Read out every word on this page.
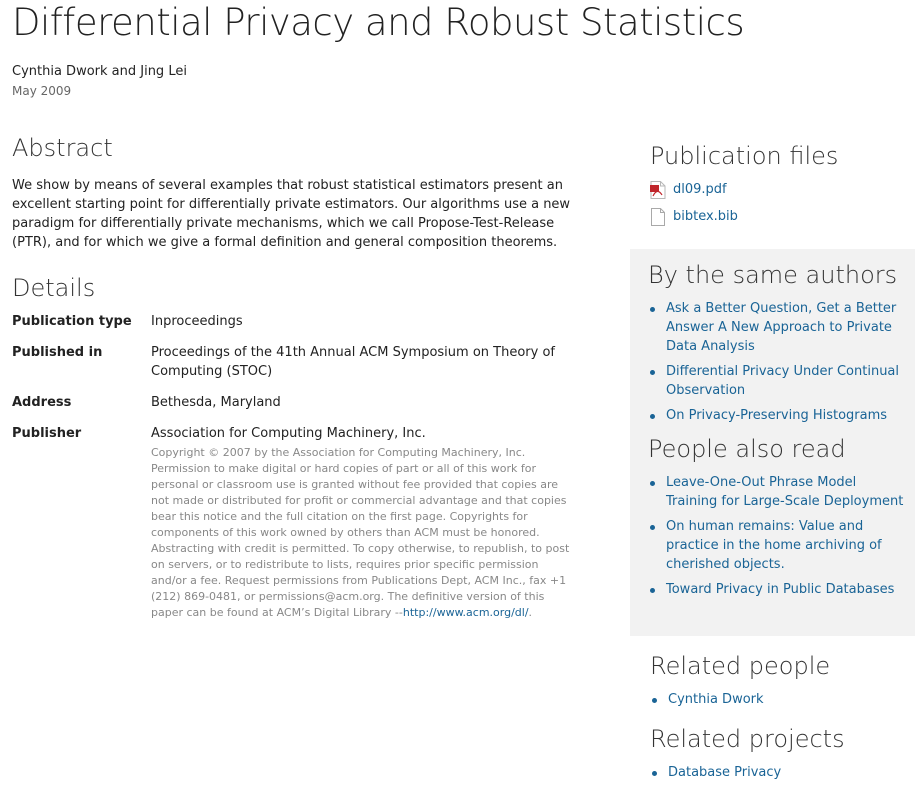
Differential Privacy and Robust Statistics
Cynthia Dwork and Jing Lei
May 2009
Abstract

We show by means of several examples that robust statistical estimators present an excellent starting point for differentially private estimators. Our algorithms use a new paradigm for differentially private mechanisms, which we call Propose-Test-Release (PTR), and for which we give a formal definition and general composition theorems.

Details
Publication type	Inproceedings
Published in	Proceedings of the 41th Annual ACM Symposium on Theory of Computing (STOC)
Address	Bethesda, Maryland
Publisher	Association for Computing Machinery, Inc.
Copyright © 2007 by the Association for Computing Machinery, Inc. Permission to make digital or hard copies of part or all of this work for personal or classroom use is granted without fee provided that copies are not made or distributed for profit or commercial advantage and that copies bear this notice and the full citation on the first page. Copyrights for components of this work owned by others than ACM must be honored. Abstracting with credit is permitted. To copy otherwise, to republish, to post on servers, or to redistribute to lists, requires prior specific permission and/or a fee. Request permissions from Publications Dept, ACM Inc., fax +1 (212) 869-0481, or permissions@acm.org. The definitive version of this paper can be found at ACM’s Digital Library --http://www.acm.org/dl/.
Publication files
dl09.pdf
bibtex.bib
By the same authors
Ask a Better Question, Get a Better Answer A New Approach to Private Data Analysis
Differential Privacy Under Continual Observation
On Privacy-Preserving Histograms
People also read
Leave-One-Out Phrase Model Training for Large-Scale Deployment
On human remains: Value and practice in the home archiving of cherished objects.
Toward Privacy in Public Databases
Related people
Cynthia Dwork
Related projects
Database Privacy
